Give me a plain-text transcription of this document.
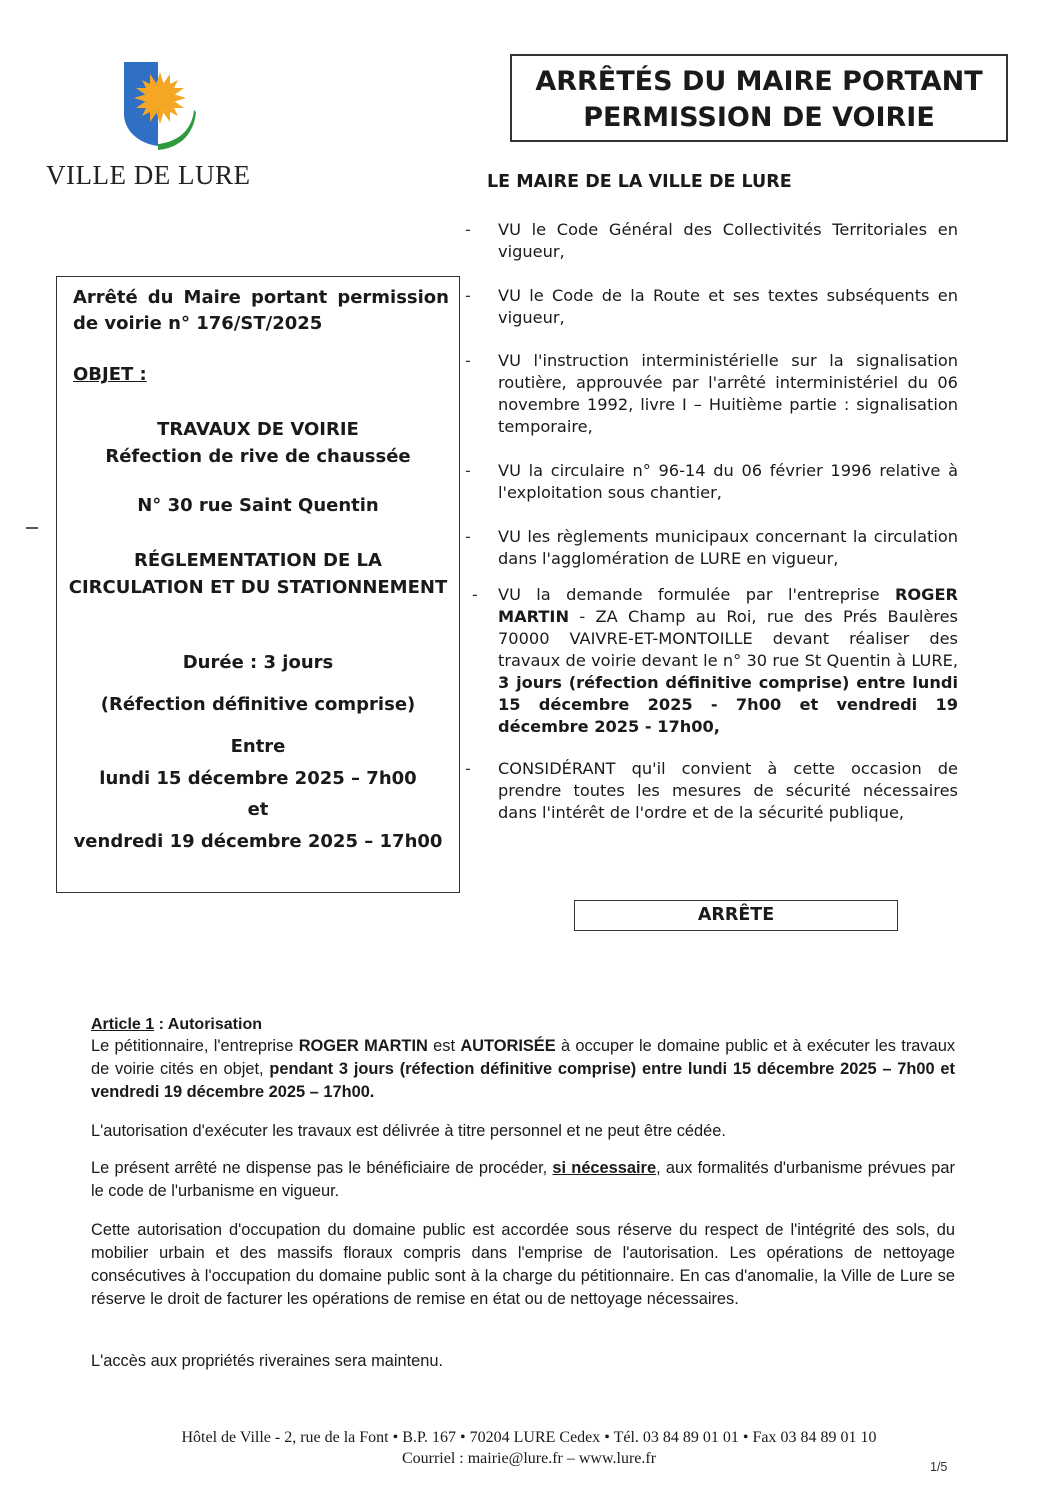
VILLE DE LURE
ARRÊTÉS DU MAIRE PORTANT
PERMISSION DE VOIRIE
LE MAIRE DE LA VILLE DE LURE
Arrêté du Maire portant permission de voirie n° 176/ST/2025
OBJET :
TRAVAUX DE VOIRIE
Réfection de rive de chaussée
N° 30 rue Saint Quentin
RÉGLEMENTATION DE LA
CIRCULATION ET DU STATIONNEMENT
Durée : 3 jours
(Réfection définitive comprise)
Entre
lundi 15 décembre 2025 – 7h00
et
vendredi 19 décembre 2025 – 17h00
- VU le Code Général des Collectivités Territoriales en vigueur,
- VU le Code de la Route et ses textes subséquents en vigueur,
- VU l'instruction interministérielle sur la signalisation routière, approuvée par l'arrêté interministériel du 06 novembre 1992, livre I – Huitième partie : signalisation temporaire,
- VU la circulaire n° 96-14 du 06 février 1996 relative à l'exploitation sous chantier,
- VU les règlements municipaux concernant la circulation dans l'agglomération de LURE en vigueur,
- VU la demande formulée par l'entreprise ROGER MARTIN - ZA Champ au Roi, rue des Prés Baulères 70000 VAIVRE-ET-MONTOILLE devant réaliser des travaux de voirie devant le n° 30 rue St Quentin à LURE, 3 jours (réfection définitive comprise) entre lundi 15 décembre 2025 - 7h00 et vendredi 19 décembre 2025 - 17h00,
- CONSIDÉRANT qu'il convient à cette occasion de prendre toutes les mesures de sécurité nécessaires dans l'intérêt de l'ordre et de la sécurité publique,
ARRÊTE
Article 1 : Autorisation
Le pétitionnaire, l'entreprise ROGER MARTIN est AUTORISÉE à occuper le domaine public et à exécuter les travaux de voirie cités en objet, pendant 3 jours (réfection définitive comprise) entre lundi 15 décembre 2025 – 7h00 et vendredi 19 décembre 2025 – 17h00.
L'autorisation d'exécuter les travaux est délivrée à titre personnel et ne peut être cédée.
Le présent arrêté ne dispense pas le bénéficiaire de procéder, si nécessaire, aux formalités d'urbanisme prévues par le code de l'urbanisme en vigueur.
Cette autorisation d'occupation du domaine public est accordée sous réserve du respect de l'intégrité des sols, du mobilier urbain et des massifs floraux compris dans l'emprise de l'autorisation. Les opérations de nettoyage consécutives à l'occupation du domaine public sont à la charge du pétitionnaire. En cas d'anomalie, la Ville de Lure se réserve le droit de facturer les opérations de remise en état ou de nettoyage nécessaires.
L'accès aux propriétés riveraines sera maintenu.
Hôtel de Ville - 2, rue de la Font • B.P. 167 • 70204 LURE Cedex • Tél. 03 84 89 01 01 • Fax 03 84 89 01 10
Courriel : mairie@lure.fr – www.lure.fr	1/5
